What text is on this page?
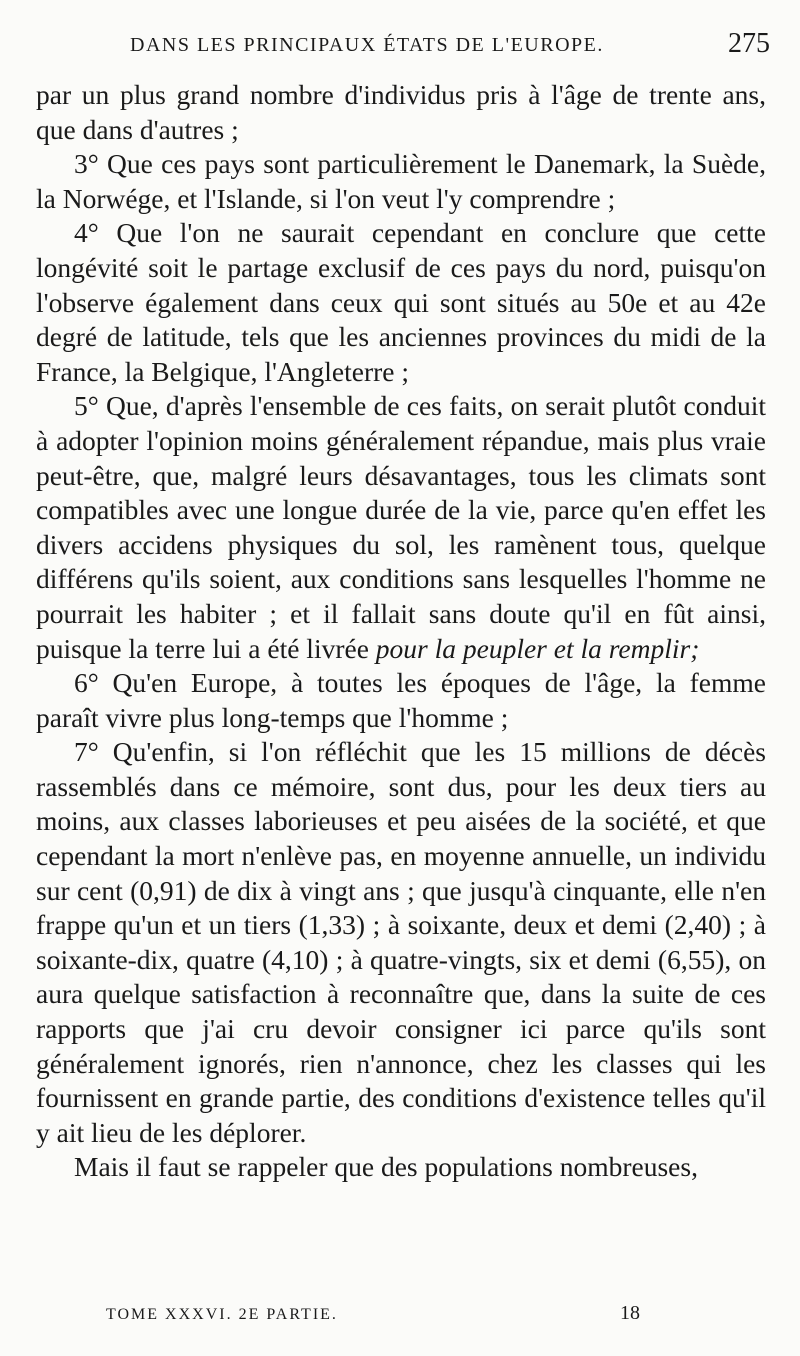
DANS LES PRINCIPAUX ÉTATS DE L'EUROPE.	275

par un plus grand nombre d'individus pris à l'âge de trente ans, que dans d'autres ;

3° Que ces pays sont particulièrement le Danemark, la Suède, la Norwége, et l'Islande, si l'on veut l'y comprendre ;

4° Que l'on ne saurait cependant en conclure que cette longévité soit le partage exclusif de ces pays du nord, puisqu'on l'observe également dans ceux qui sont situés au 50e et au 42e degré de latitude, tels que les anciennes provinces du midi de la France, la Belgique, l'Angleterre ;

5° Que, d'après l'ensemble de ces faits, on serait plutôt conduit à adopter l'opinion moins généralement répandue, mais plus vraie peut-être, que, malgré leurs désavantages, tous les climats sont compatibles avec une longue durée de la vie, parce qu'en effet les divers accidens physiques du sol, les ramènent tous, quelque différens qu'ils soient, aux conditions sans lesquelles l'homme ne pourrait les habiter ; et il fallait sans doute qu'il en fût ainsi, puisque la terre lui a été livrée pour la peupler et la remplir;

6° Qu'en Europe, à toutes les époques de l'âge, la femme paraît vivre plus long-temps que l'homme ;

7° Qu'enfin, si l'on réfléchit que les 15 millions de décès rassemblés dans ce mémoire, sont dus, pour les deux tiers au moins, aux classes laborieuses et peu aisées de la société, et que cependant la mort n'enlève pas, en moyenne annuelle, un individu sur cent (0,91) de dix à vingt ans ; que jusqu'à cinquante, elle n'en frappe qu'un et un tiers (1,33) ; à soixante, deux et demi (2,40) ; à soixante-dix, quatre (4,10) ; à quatre-vingts, six et demi (6,55), on aura quelque satisfaction à reconnaître que, dans la suite de ces rapports que j'ai cru devoir consigner ici parce qu'ils sont généralement ignorés, rien n'annonce, chez les classes qui les fournissent en grande partie, des conditions d'existence telles qu'il y ait lieu de les déplorer.

Mais il faut se rappeler que des populations nombreuses,

TOME XXXVI. 2E PARTIE.	18
